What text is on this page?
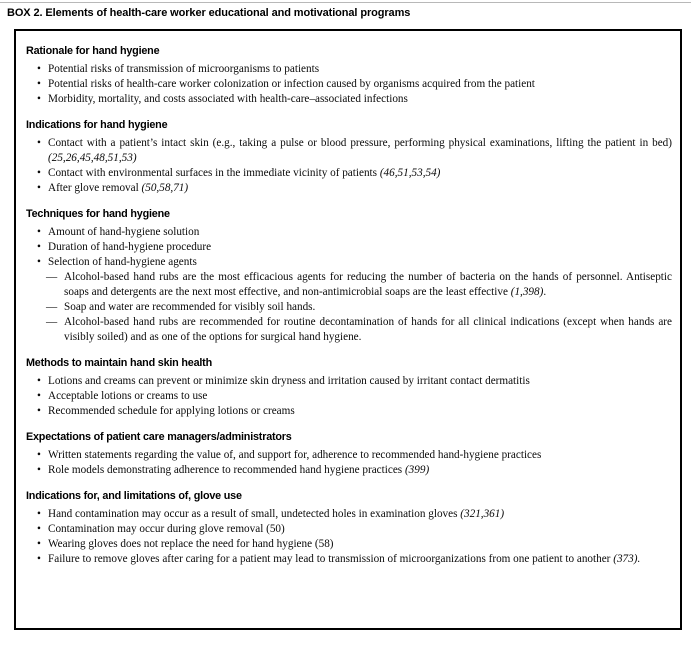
BOX 2. Elements of health-care worker educational and motivational programs
Rationale for hand hygiene
• Potential risks of transmission of microorganisms to patients
• Potential risks of health-care worker colonization or infection caused by organisms acquired from the patient
• Morbidity, mortality, and costs associated with health-care–associated infections
Indications for hand hygiene
• Contact with a patient’s intact skin (e.g., taking a pulse or blood pressure, performing physical examinations, lifting the patient in bed) (25,26,45,48,51,53)
• Contact with environmental surfaces in the immediate vicinity of patients (46,51,53,54)
• After glove removal (50,58,71)
Techniques for hand hygiene
• Amount of hand-hygiene solution
• Duration of hand-hygiene procedure
• Selection of hand-hygiene agents
— Alcohol-based hand rubs are the most efficacious agents for reducing the number of bacteria on the hands of personnel. Antiseptic soaps and detergents are the next most effective, and non-antimicrobial soaps are the least effective (1,398).
— Soap and water are recommended for visibly soil hands.
— Alcohol-based hand rubs are recommended for routine decontamination of hands for all clinical indications (except when hands are visibly soiled) and as one of the options for surgical hand hygiene.
Methods to maintain hand skin health
• Lotions and creams can prevent or minimize skin dryness and irritation caused by irritant contact dermatitis
• Acceptable lotions or creams to use
• Recommended schedule for applying lotions or creams
Expectations of patient care managers/administrators
• Written statements regarding the value of, and support for, adherence to recommended hand-hygiene practices
• Role models demonstrating adherence to recommended hand hygiene practices (399)
Indications for, and limitations of, glove use
• Hand contamination may occur as a result of small, undetected holes in examination gloves (321,361)
• Contamination may occur during glove removal (50)
• Wearing gloves does not replace the need for hand hygiene (58)
• Failure to remove gloves after caring for a patient may lead to transmission of microorganizations from one patient to another (373).
